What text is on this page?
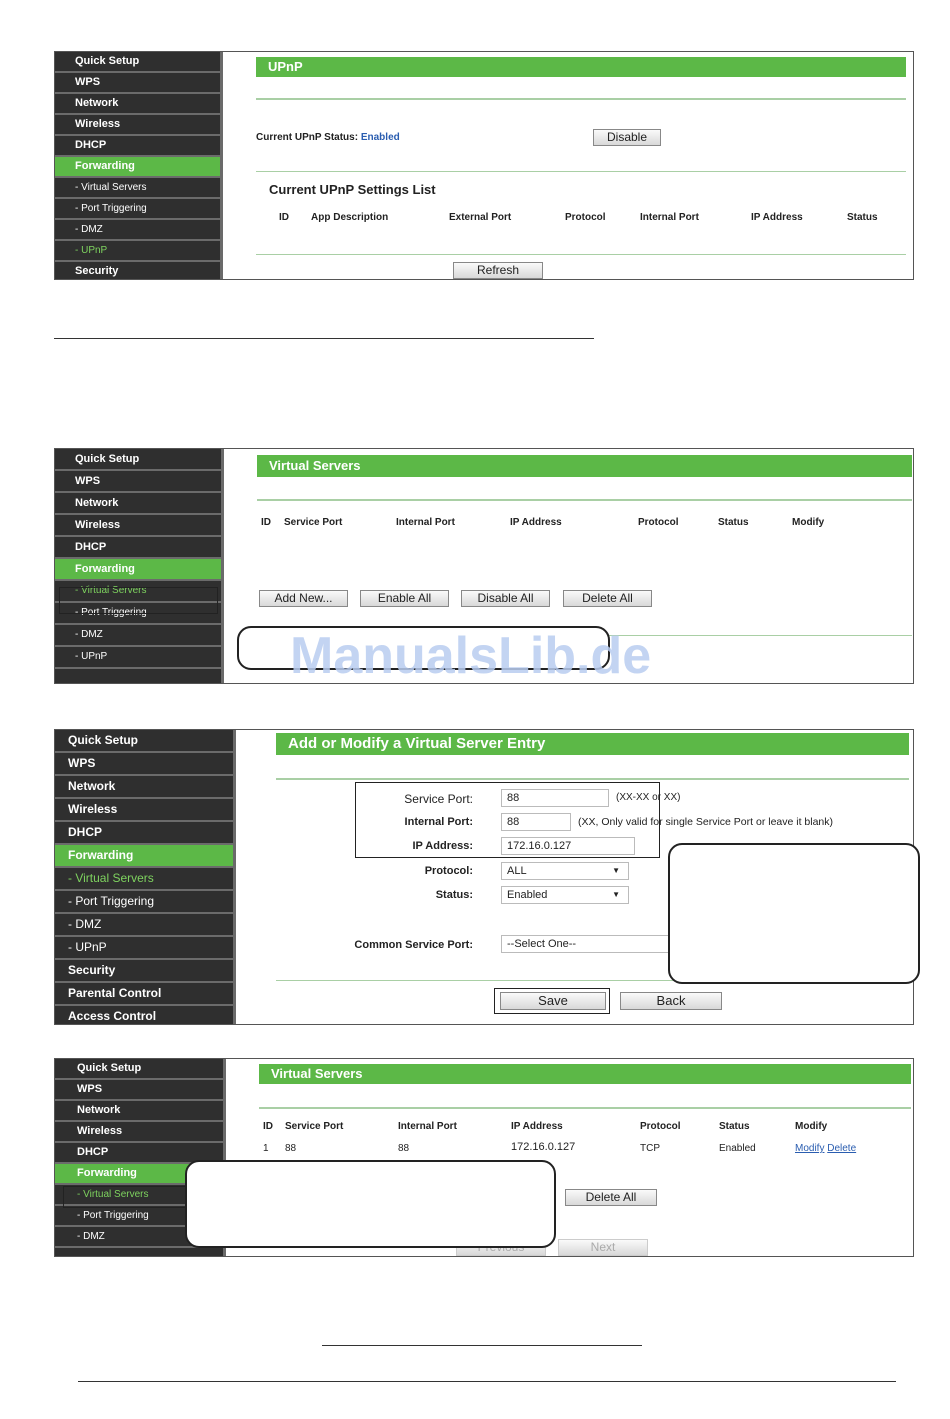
Quick Setup
WPS
Network
Wireless
DHCP
Forwarding
- Virtual Servers
- Port Triggering
- DMZ
- UPnP
Security
UPnP
Current UPnP Status: Enabled	Disable
Current UPnP Settings List
ID App Description	External Port	Protocol	Internal Port	IP Address	Status
Refresh
Quick Setup
WPS
Network
Wireless
DHCP
Forwarding
- Virtual Servers
- Port Triggering
- DMZ
- UPnP
Virtual Servers
ID Service Port	Internal Port	IP Address	Protocol	Status	Modify
Add New...	Enable All	Disable All	Delete All
ManualsLib.de
Quick Setup
WPS
Network
Wireless
DHCP
Forwarding
- Virtual Servers
- Port Triggering
- DMZ
- UPnP
Security
Parental Control
Access Control
Add or Modify a Virtual Server Entry
Service Port:	88	(XX-XX or XX)
Internal Port:	88	(XX, Only valid for single Service Port or leave it blank)
IP Address:	172.16.0.127
Protocol:	ALL	▼
Status:	Enabled	▼
Common Service Port:	--Select One--
Save	Back
Quick Setup
WPS
Network
Wireless
DHCP
Forwarding
- Virtual Servers
- Port Triggering
- DMZ
Virtual Servers
ID Service Port	Internal Port	IP Address	Protocol	Status	Modify
1 88	88	172.16.0.127	TCP	Enabled	Modify Delete
Delete All
Next
